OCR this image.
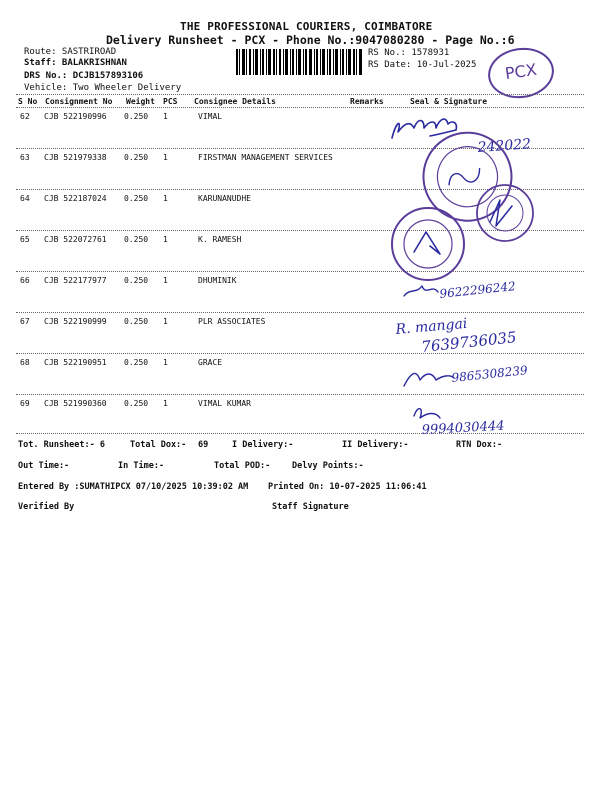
THE PROFESSIONAL COURIERS, COIMBATORE
Delivery Runsheet - PCX - Phone No.:9047080280 - Page No.:6
Route: SASTRIROAD
Staff: BALAKRISHNAN
DRS No.: DCJB157893106
Vehicle: Two Wheeler Delivery
RS No.: 1578931
RS Date: 10-Jul-2025	PCX
S No Consignment No Weight PCS Consignee Details	Remarks	Seal & Signature
62 CJB 522190996 0.250 1	VIMAL
63 CJB 521979338 0.250 1	FIRSTMAN MANAGEMENT SERVICES
64 CJB 522187024 0.250 1	KARUNANUDHE
65 CJB 522072761 0.250 1	K. RAMESH
66 CJB 522177977 0.250 1	DHUMINIK
67 CJB 522190999 0.250 1	PLR ASSOCIATES
68 CJB 522190951 0.250 1	GRACE
69 CJB 521990360 0.250 1	VIMAL KUMAR
242022
9622296242
R. mangai
7639736035
9865308239
9994030444
Tot. Runsheet:- 6	Total Dox:- 69	I Delivery:-	II Delivery:-	RTN Dox:-
Out Time:-	In Time:-	Total POD:-	Delvy Points:-
Entered By :SUMATHIPCX 07/10/2025 10:39:02 AM Printed On: 10-07-2025 11:06:41
Verified By	Staff Signature
